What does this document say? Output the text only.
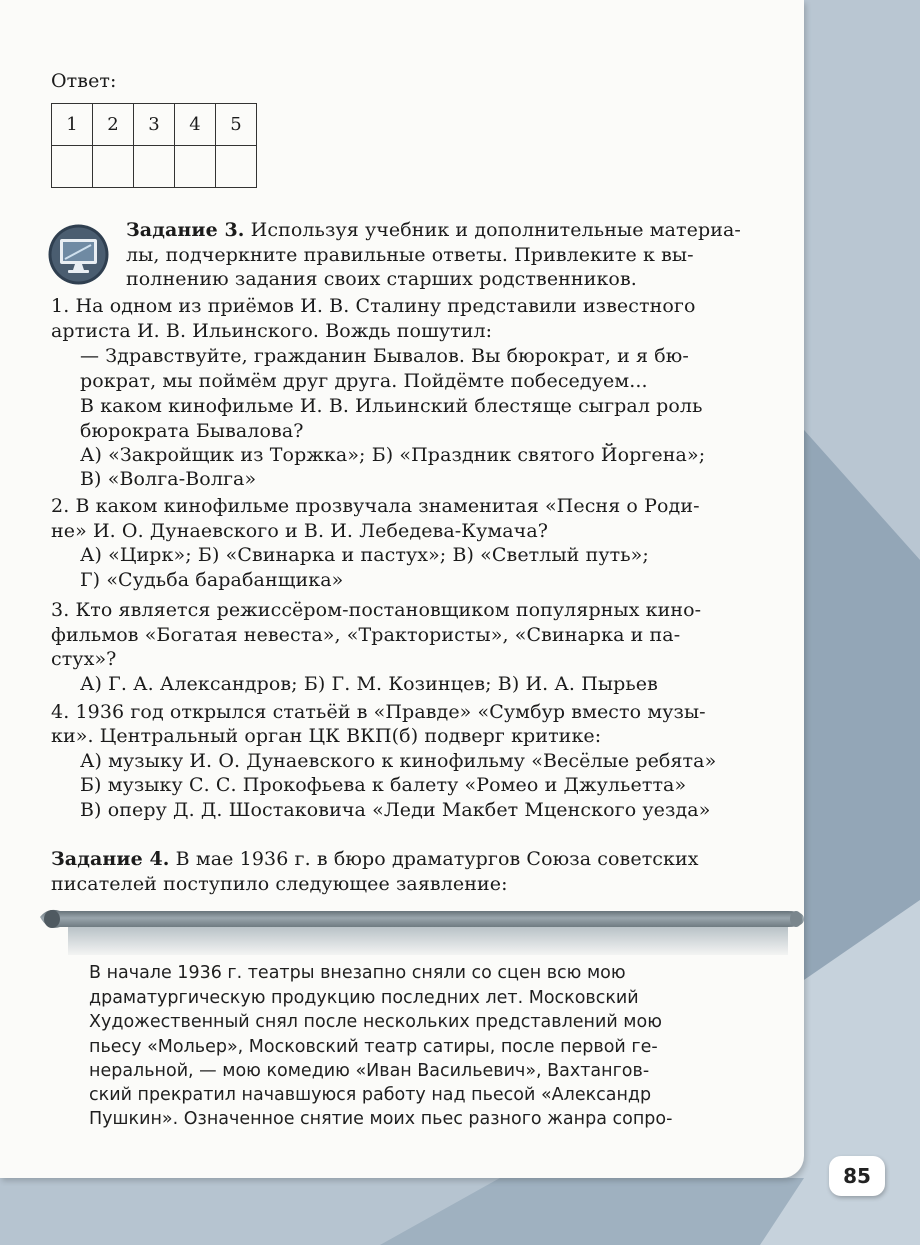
Ответ:
1	2	3	4	5

Задание 3. Используя учебник и дополнительные материа-
лы, подчеркните правильные ответы. Привлеките к вы-
полнению задания своих старших родственников.
1. На одном из приёмов И. В. Сталину представили известного
артиста И. В. Ильинского. Вождь пошутил:
— Здравствуйте, гражданин Бывалов. Вы бюрократ, и я бю-
рократ, мы поймём друг друга. Пойдёмте побеседуем...
В каком кинофильме И. В. Ильинский блестяще сыграл роль
бюрократа Бывалова?
А) «Закройщик из Торжка»; Б) «Праздник святого Йоргена»;
В) «Волга-Волга»
2. В каком кинофильме прозвучала знаменитая «Песня о Роди-
не» И. О. Дунаевского и В. И. Лебедева-Кумача?
А) «Цирк»; Б) «Свинарка и пастух»; В) «Светлый путь»;
Г) «Судьба барабанщика»
3. Кто является режиссёром-постановщиком популярных кино-
фильмов «Богатая невеста», «Трактористы», «Свинарка и па-
стух»?
А) Г. А. Александров; Б) Г. М. Козинцев; В) И. А. Пырьев
4. 1936 год открылся статьёй в «Правде» «Сумбур вместо музы-
ки». Центральный орган ЦК ВКП(б) подверг критике:
А) музыку И. О. Дунаевского к кинофильму «Весёлые ребята»
Б) музыку С. С. Прокофьева к балету «Ромео и Джульетта»
В) оперу Д. Д. Шостаковича «Леди Макбет Мценского уезда»
Задание 4. В мае 1936 г. в бюро драматургов Союза советских
писателей поступило следующее заявление:
В начале 1936 г. театры внезапно сняли со сцен всю мою
драматургическую продукцию последних лет. Московский
Художественный снял после нескольких представлений мою
пьесу «Мольер», Московский театр сатиры, после первой ге-
неральной, — мою комедию «Иван Васильевич», Вахтангов-
ский прекратил начавшуюся работу над пьесой «Александр
Пушкин». Означенное снятие моих пьес разного жанра сопро-
85
